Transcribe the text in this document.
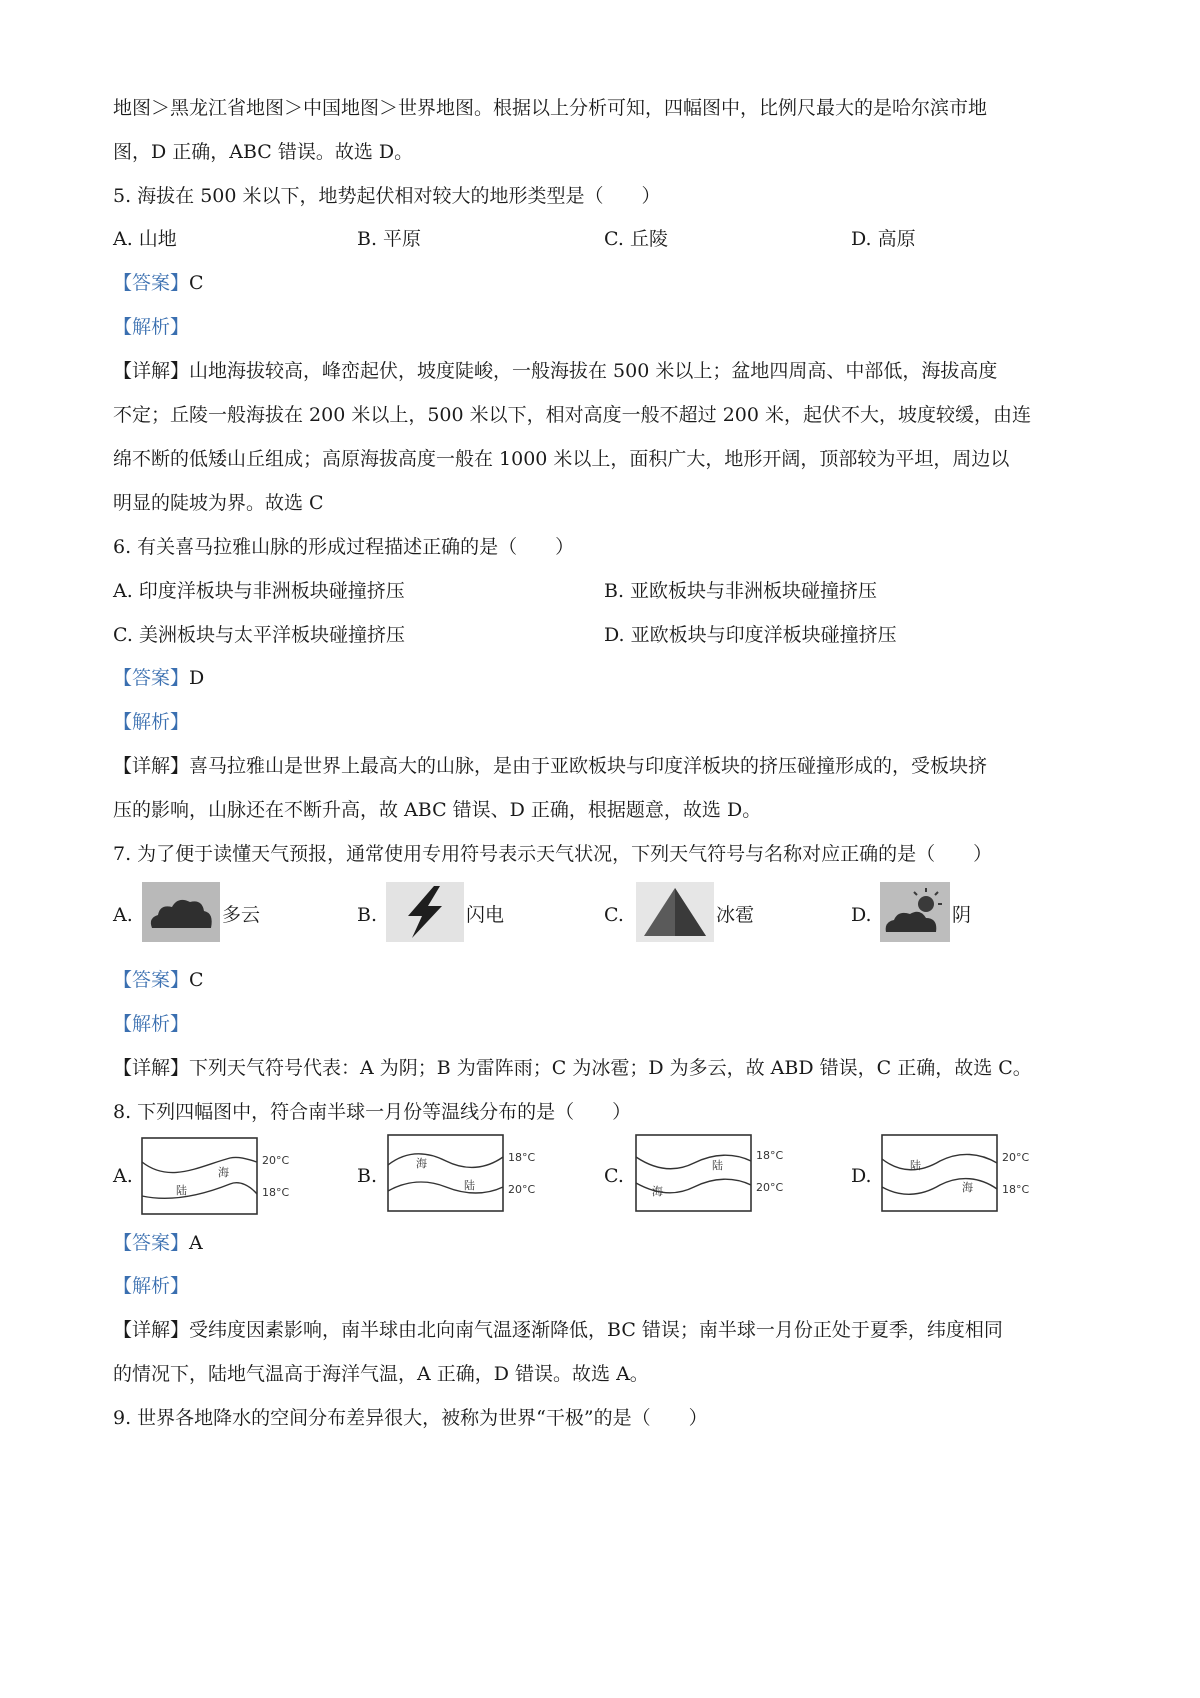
地图＞黑龙江省地图＞中国地图＞世界地图。根据以上分析可知，四幅图中，比例尺最大的是哈尔滨市地
图，D 正确，ABC 错误。故选 D。
5. 海拔在 500 米以下，地势起伏相对较大的地形类型是（　　）
A. 山地	B. 平原	C. 丘陵	D. 高原
【答案】C
【解析】
【详解】山地海拔较高，峰峦起伏，坡度陡峻，一般海拔在 500 米以上；盆地四周高、中部低，海拔高度
不定；丘陵一般海拔在 200 米以上，500 米以下，相对高度一般不超过 200 米，起伏不大，坡度较缓，由连
绵不断的低矮山丘组成；高原海拔高度一般在 1000 米以上，面积广大，地形开阔，顶部较为平坦，周边以
明显的陡坡为界。故选 C
6. 有关喜马拉雅山脉的形成过程描述正确的是（　　）
A. 印度洋板块与非洲板块碰撞挤压	B. 亚欧板块与非洲板块碰撞挤压
C. 美洲板块与太平洋板块碰撞挤压	D. 亚欧板块与印度洋板块碰撞挤压
【答案】D
【解析】
【详解】喜马拉雅山是世界上最高大的山脉，是由于亚欧板块与印度洋板块的挤压碰撞形成的，受板块挤
压的影响，山脉还在不断升高，故 ABC 错误、D 正确，根据题意，故选 D。
7. 为了便于读懂天气预报，通常使用专用符号表示天气状况，下列天气符号与名称对应正确的是（　　）
A.	多云	B.	闪电	C.	冰雹	D.	阴
【答案】C
【解析】
【详解】下列天气符号代表：A 为阴；B 为雷阵雨；C 为冰雹；D 为多云，故 ABD 错误，C 正确，故选 C。
8. 下列四幅图中，符合南半球一月份等温线分布的是（　　）
A.	海
陆
20°C
18°C
B.
海
陆
18°C
20°C
C.	陆
海
18°C
20°C
D.	陆
海
20°C
18°C
【答案】A
【解析】
【详解】受纬度因素影响，南半球由北向南气温逐渐降低，BC 错误；南半球一月份正处于夏季，纬度相同
的情况下，陆地气温高于海洋气温，A 正确，D 错误。故选 A。
9. 世界各地降水的空间分布差异很大，被称为世界“干极”的是（　　）
